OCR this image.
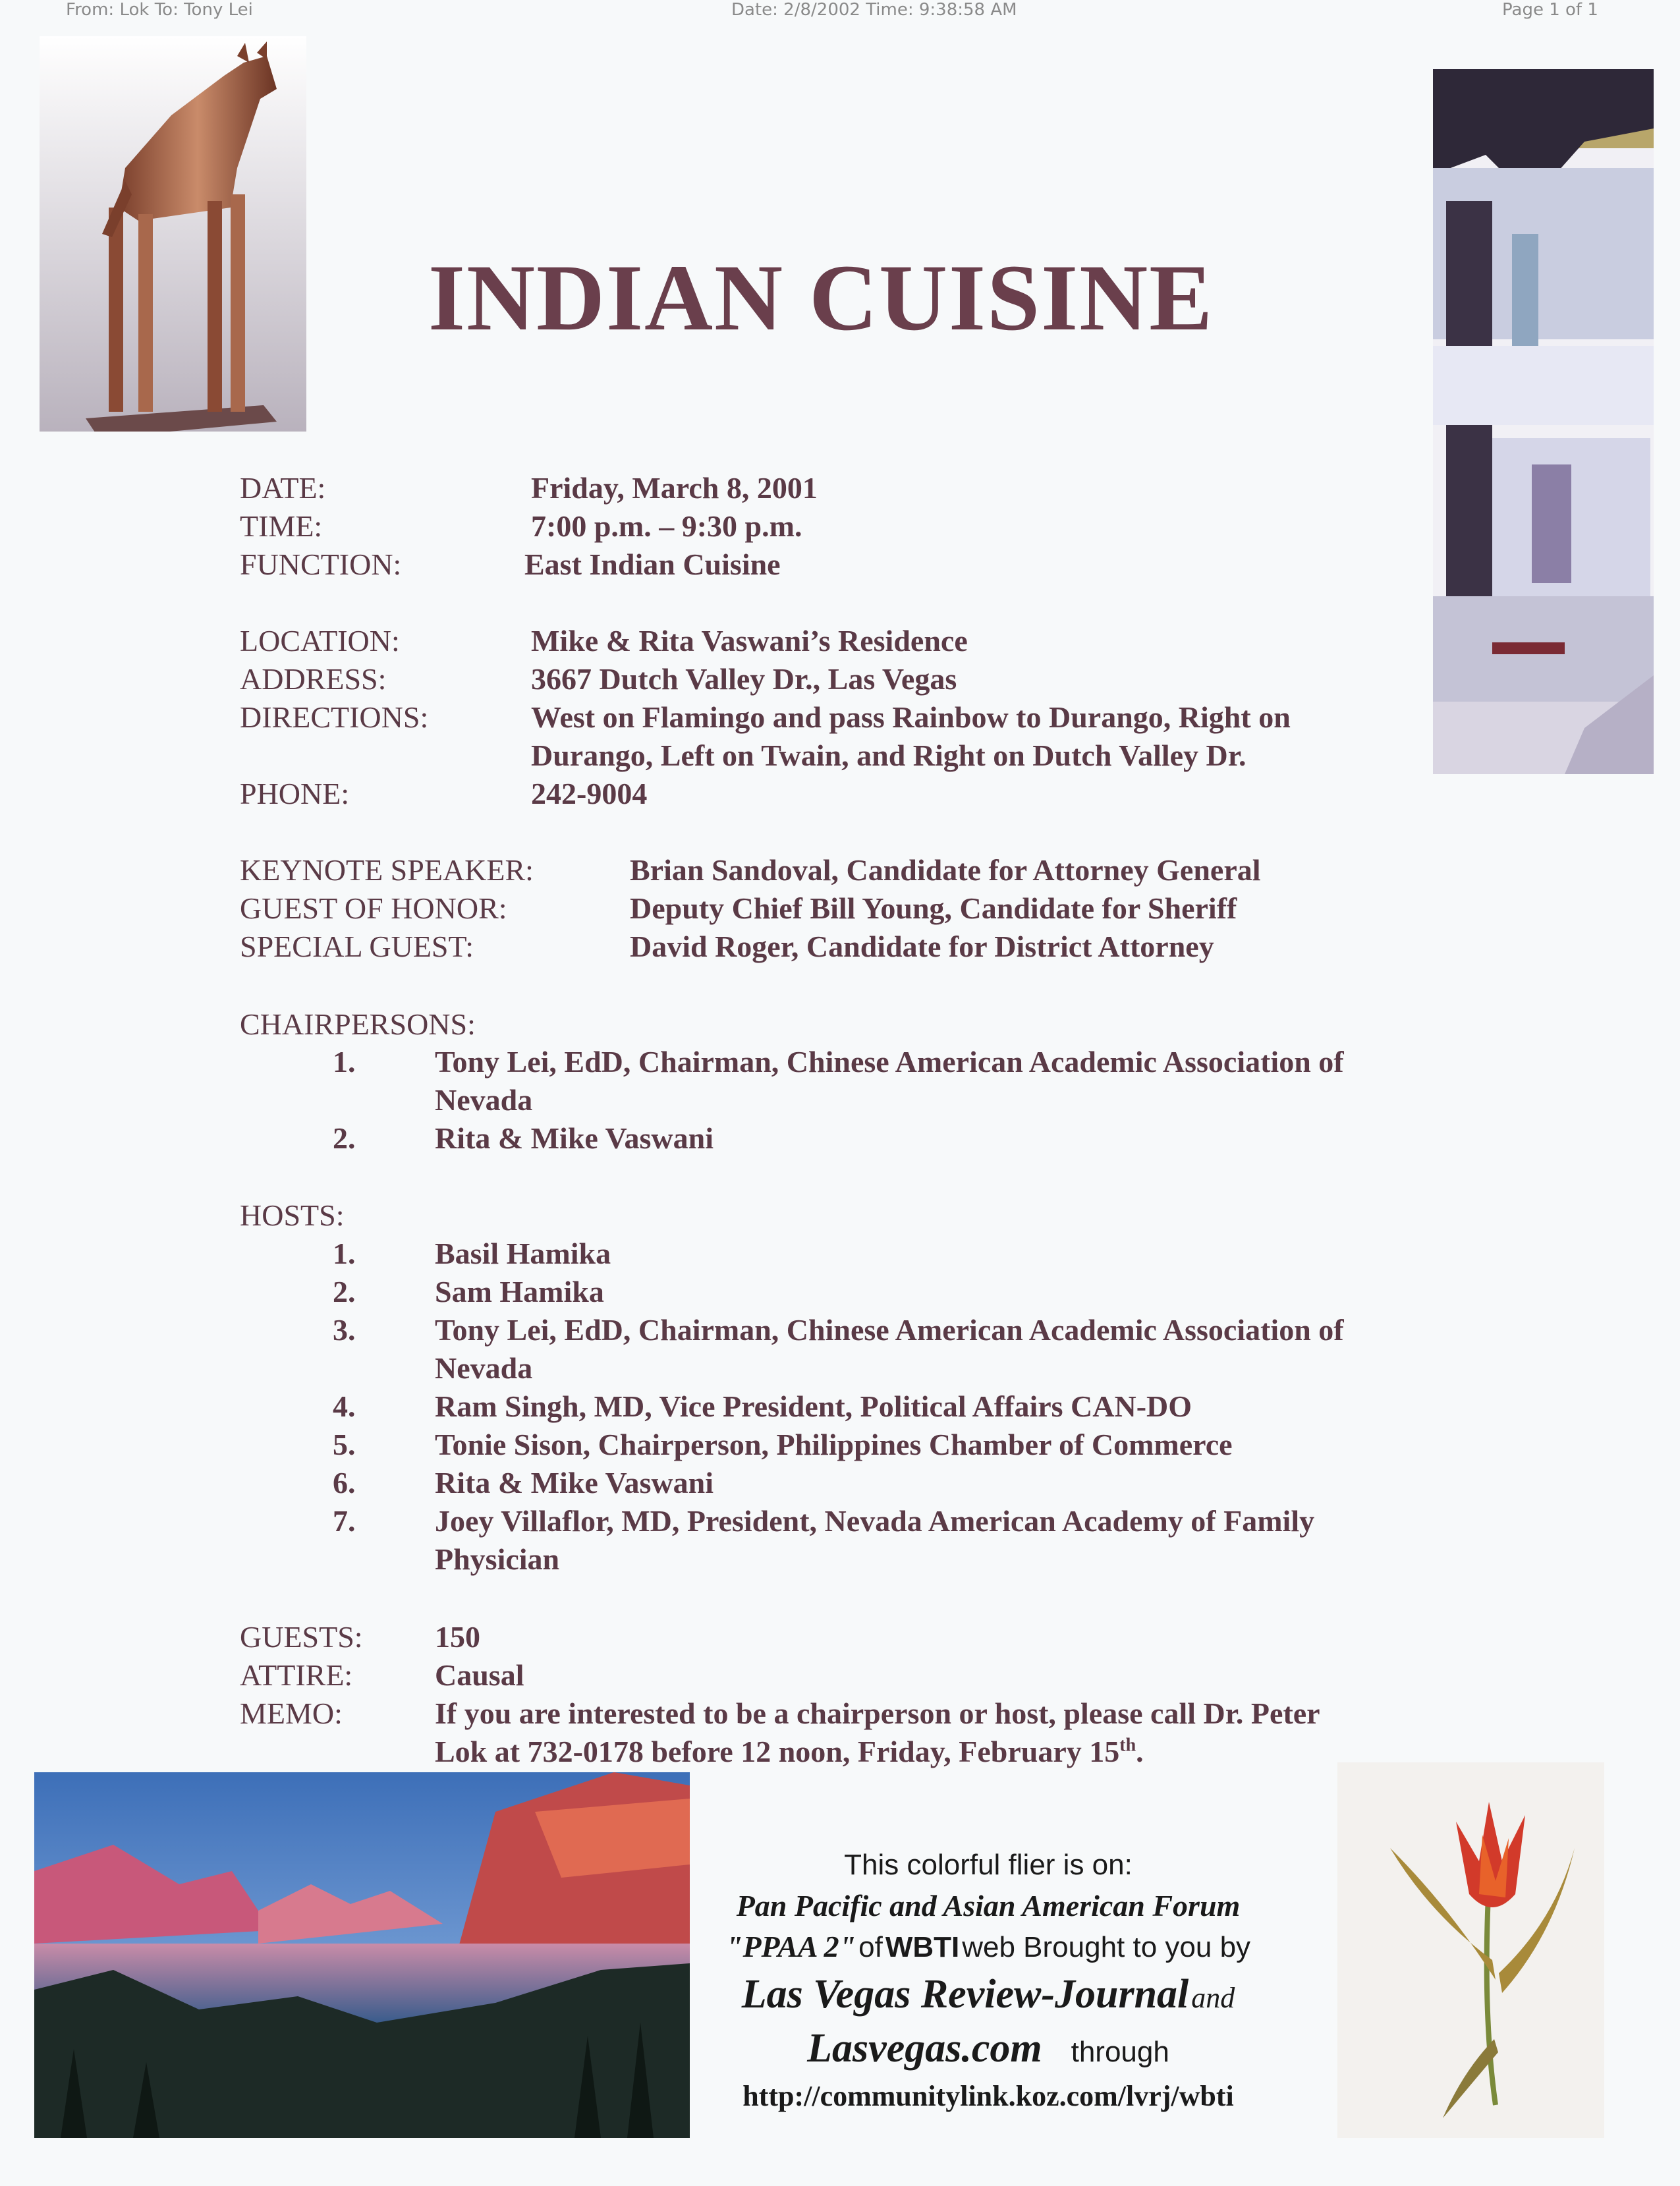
From: Lok To: Tony Lei	Date: 2/8/2002 Time: 9:38:58 AM	Page 1 of 1
INDIAN CUISINE
DATE:	Friday, March 8, 2001
TIME:	7:00 p.m. – 9:30 p.m.
FUNCTION:	East Indian Cuisine
LOCATION:	Mike & Rita Vaswani’s Residence
ADDRESS:	3667 Dutch Valley Dr., Las Vegas
DIRECTIONS:	West on Flamingo and pass Rainbow to Durango, Right on
Durango, Left on Twain, and Right on Dutch Valley Dr.
PHONE:	242-9004
KEYNOTE SPEAKER:	Brian Sandoval, Candidate for Attorney General
GUEST OF HONOR:	Deputy Chief Bill Young, Candidate for Sheriff
SPECIAL GUEST:	David Roger, Candidate for District Attorney
CHAIRPERSONS:
1.	Tony Lei, EdD, Chairman, Chinese American Academic Association of
Nevada
2.	Rita & Mike Vaswani
HOSTS:
1.	Basil Hamika
2.	Sam Hamika
3.	Tony Lei, EdD, Chairman, Chinese American Academic Association of
Nevada
4.	Ram Singh, MD, Vice President, Political Affairs CAN-DO
5.	Tonie Sison, Chairperson, Philippines Chamber of Commerce
6.	Rita & Mike Vaswani
7.	Joey Villaflor, MD, President, Nevada American Academy of Family
Physician
GUESTS: 150
ATTIRE:	Causal
MEMO:	If you are interested to be a chairperson or host, please call Dr. Peter
Lok at 732-0178 before 12 noon, Friday, February 15th.
This colorful flier is on:
Pan Pacific and Asian American Forum
"PPAA 2" of WBTI web Brought to you by
Las Vegas Review-Journal and
Lasvegas.com through
http://communitylink.koz.com/lvrj/wbti
